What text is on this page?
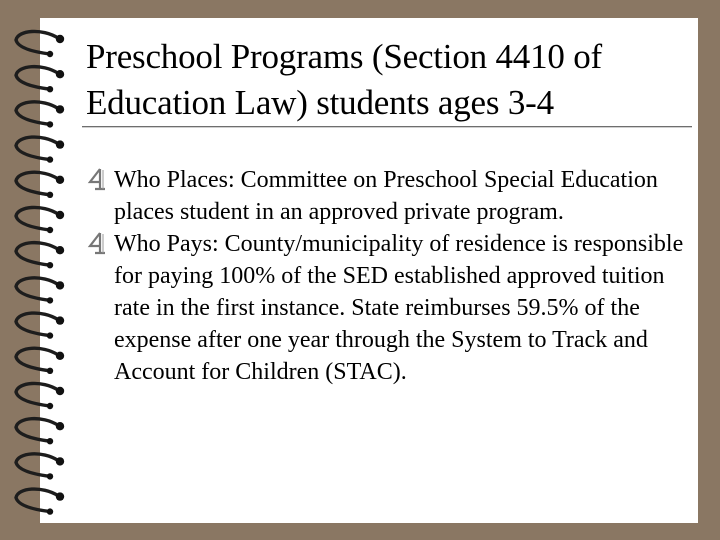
Preschool Programs (Section 4410 of Education Law) students ages 3-4
Who Places: Committee on Preschool Special Education places student in an approved private program.
Who Pays: County/municipality of residence is responsible for paying 100% of the SED established approved tuition rate in the first instance. State reimburses 59.5% of the expense after one year through the System to Track and Account for Children (STAC).
